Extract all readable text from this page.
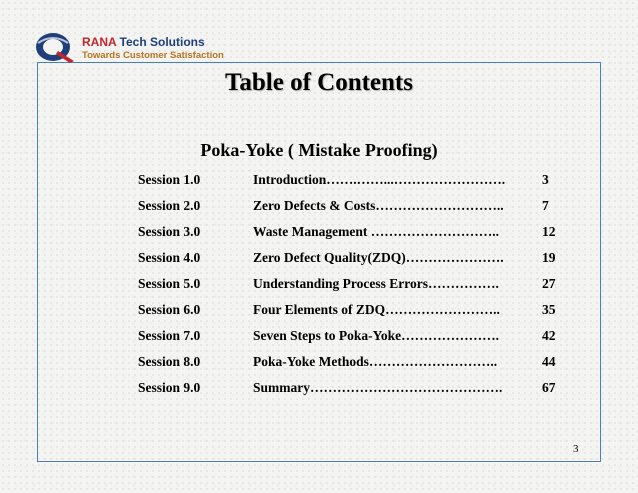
RANA Tech Solutions
Towards Customer Satisfaction
Table of Contents
Poka-Yoke ( Mistake Proofing)
Session 1.0	Introduction…….……...…………………….	3
Session 2.0	Zero Defects & Costs………………………..	7
Session 3.0	Waste Management ………………………..	12
Session 4.0	Zero Defect Quality(ZDQ)………………….	19
Session 5.0	Understanding Process Errors…………….	27
Session 6.0	Four Elements of ZDQ……………………..	35
Session 7.0	Seven Steps to Poka-Yoke………………….	42
Session 8.0	Poka-Yoke Methods………………………..	44
Session 9.0	Summary…………………………………….	67
3
